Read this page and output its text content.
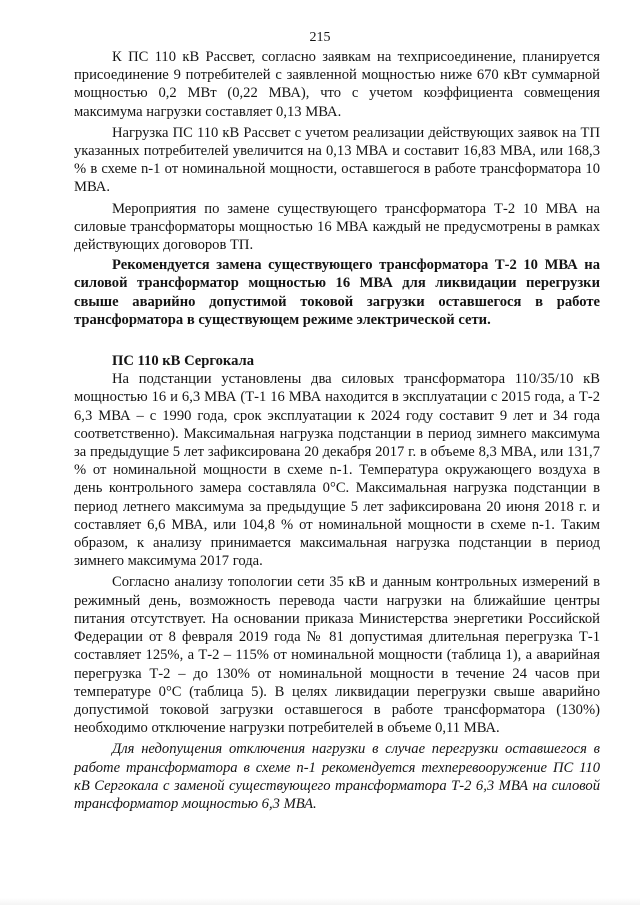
215

К ПС 110 кВ Рассвет, согласно заявкам на техприсоединение, планируется присоединение 9 потребителей с заявленной мощностью ниже 670 кВт суммарной мощностью 0,2 МВт (0,22 МВА), что с учетом коэффициента совмещения максимума нагрузки составляет 0,13 МВА.

Нагрузка ПС 110 кВ Рассвет с учетом реализации действующих заявок на ТП указанных потребителей увеличится на 0,13 МВА и составит 16,83 МВА, или 168,3 % в схеме n-1 от номинальной мощности, оставшегося в работе трансформатора 10 МВА.

Мероприятия по замене существующего трансформатора Т-2 10 МВА на силовые трансформаторы мощностью 16 МВА каждый не предусмотрены в рамках действующих договоров ТП.

Рекомендуется замена существующего трансформатора Т-2 10 МВА на силовой трансформатор мощностью 16 МВА для ликвидации перегрузки свыше аварийно допустимой токовой загрузки оставшегося в работе трансформатора в существующем режиме электрической сети.

ПС 110 кВ Сергокала

На подстанции установлены два силовых трансформатора 110/35/10 кВ мощностью 16 и 6,3 МВА (Т-1 16 МВА находится в эксплуатации с 2015 года, а Т-2 6,3 МВА – с 1990 года, срок эксплуатации к 2024 году составит 9 лет и 34 года соответственно). Максимальная нагрузка подстанции в период зимнего максимума за предыдущие 5 лет зафиксирована 20 декабря 2017 г. в объеме 8,3 МВА, или 131,7 % от номинальной мощности в схеме n-1. Температура окружающего воздуха в день контрольного замера составляла 0°С. Максимальная нагрузка подстанции в период летнего максимума за предыдущие 5 лет зафиксирована 20 июня 2018 г. и составляет 6,6 МВА, или 104,8 % от номинальной мощности в схеме n-1. Таким образом, к анализу принимается максимальная нагрузка подстанции в период зимнего максимума 2017 года.

Согласно анализу топологии сети 35 кВ и данным контрольных измерений в режимный день, возможность перевода части нагрузки на ближайшие центры питания отсутствует. На основании приказа Министерства энергетики Российской Федерации от 8 февраля 2019 года № 81 допустимая длительная перегрузка Т-1 составляет 125%, а Т-2 – 115% от номинальной мощности (таблица 1), а аварийная перегрузка Т-2 – до 130% от номинальной мощности в течение 24 часов при температуре 0°С (таблица 5). В целях ликвидации перегрузки свыше аварийно допустимой токовой загрузки оставшегося в работе трансформатора (130%) необходимо отключение нагрузки потребителей в объеме 0,11 МВА.

Для недопущения отключения нагрузки в случае перегрузки оставшегося в работе трансформатора в схеме n-1 рекомендуется техперевооружение ПС 110 кВ Сергокала с заменой существующего трансформатора Т-2 6,3 МВА на силовой трансформатор мощностью 6,3 МВА.
